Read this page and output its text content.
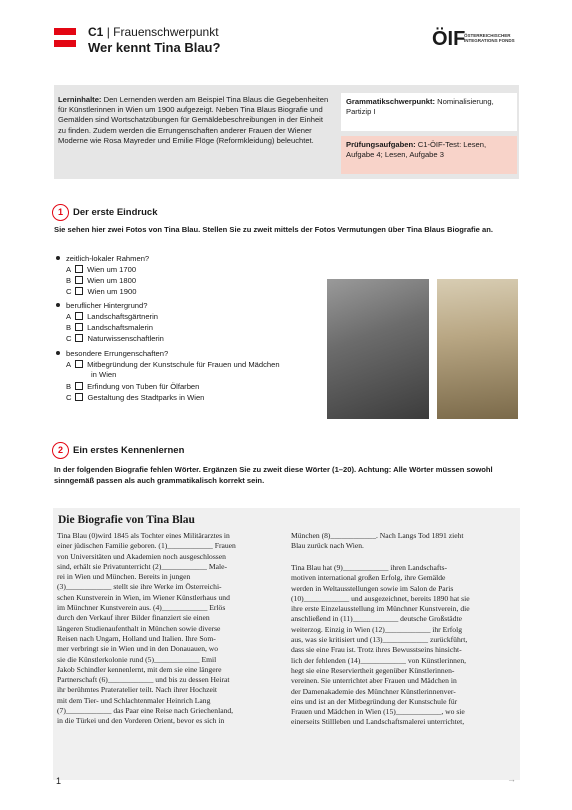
C1 | Frauenschwerpunkt
Wer kennt Tina Blau?	ÖIF
ÖSTERREICHISCHER INTEGRATIONS FONDS
Lerninhalte: Den Lernenden werden am Beispiel Tina Blaus die Gegebenheiten für Künstlerinnen in Wien um 1900 aufgezeigt. Neben Tina Blaus Biografie und Gemälden sind Wortschatzübungen für Gemäldebeschreibungen in der Einheit zu finden. Zudem werden die Errungenschaften anderer Frauen der Wiener Moderne wie Rosa Mayreder und Emilie Flöge (Reformkleidung) beleuchtet.
Grammatikschwerpunkt: Nominalisierung, Partizip I
Prüfungsaufgaben: C1-ÖIF-Test: Lesen, Aufgabe 4; Lesen, Aufgabe 3
1	Der erste Eindruck
Sie sehen hier zwei Fotos von Tina Blau. Stellen Sie zu zweit mittels der Fotos Vermutungen über Tina Blaus Biografie an.
zeitlich-lokaler Rahmen?
A Wien um 1700
B Wien um 1800
C Wien um 1900
beruflicher Hintergrund?
A Landschaftsgärtnerin
B Landschaftsmalerin
C Naturwissenschaftlerin
besondere Errungenschaften?
A Mitbegründung der Kunstschule für Frauen und Mädchen
in Wien
B Erfindung von Tuben für Ölfarben
C Gestaltung des Stadtparks in Wien
2	Ein erstes Kennenlernen
In der folgenden Biografie fehlen Wörter. Ergänzen Sie zu zweit diese Wörter (1–20). Achtung: Alle Wörter müssen sowohl sinngemäß passen als auch grammatikalisch korrekt sein.
Die Biografie von Tina Blau
Tina Blau (0)wird 1845 als Tochter eines Militärarztes in
einer jüdischen Familie geboren. (1)____________ Frauen
von Universitäten und Akademien noch ausgeschlossen
sind, erhält sie Privatunterricht (2)____________ Male-
rei in Wien und München. Bereits in jungen
(3)____________ stellt sie ihre Werke im Österreichi-
schen Kunstverein in Wien, im Wiener Künstlerhaus und
im Münchner Kunstverein aus. (4)____________ Erlös
durch den Verkauf ihrer Bilder finanziert sie einen
längeren Studienaufenthalt in München sowie diverse
Reisen nach Ungarn, Holland und Italien. Ihre Som-
mer verbringt sie in Wien und in den Donauauen, wo
sie die Künstlerkolonie rund (5)____________ Emil
Jakob Schindler kennenlernt, mit dem sie eine längere
Partnerschaft (6)____________ und bis zu dessen Heirat
ihr berühmtes Prateratelier teilt. Nach ihrer Hochzeit
mit dem Tier- und Schlachtenmaler Heinrich Lang
(7)____________ das Paar eine Reise nach Griechenland,
in die Türkei und den Vorderen Orient, bevor es sich in
München (8)____________. Nach Langs Tod 1891 zieht
Blau zurück nach Wien.
Tina Blau hat (9)____________ ihren Landschafts-
motiven international großen Erfolg, ihre Gemälde
werden in Weltausstellungen sowie im Salon de Paris
(10)____________ und ausgezeichnet, bereits 1890 hat sie
ihre erste Einzelausstellung im Münchner Kunstverein, die
anschließend in (11)____________ deutsche Großstädte
weiterzog. Einzig in Wien (12)____________ ihr Erfolg
aus, was sie kritisiert und (13)____________ zurückführt,
dass sie eine Frau ist. Trotz ihres Bewusstseins hinsicht-
lich der fehlenden (14)____________ von Künstlerinnen,
hegt sie eine Reserviertheit gegenüber Künstlerinnen-
vereinen. Sie unterrichtet aber Frauen und Mädchen in
der Damenakademie des Münchner Künstlerinnenver-
eins und ist an der Mitbegründung der Kunstschule für
Frauen und Mädchen in Wien (15)____________, wo sie
einerseits Stillleben und Landschaftsmalerei unterrichtet,
1	→
